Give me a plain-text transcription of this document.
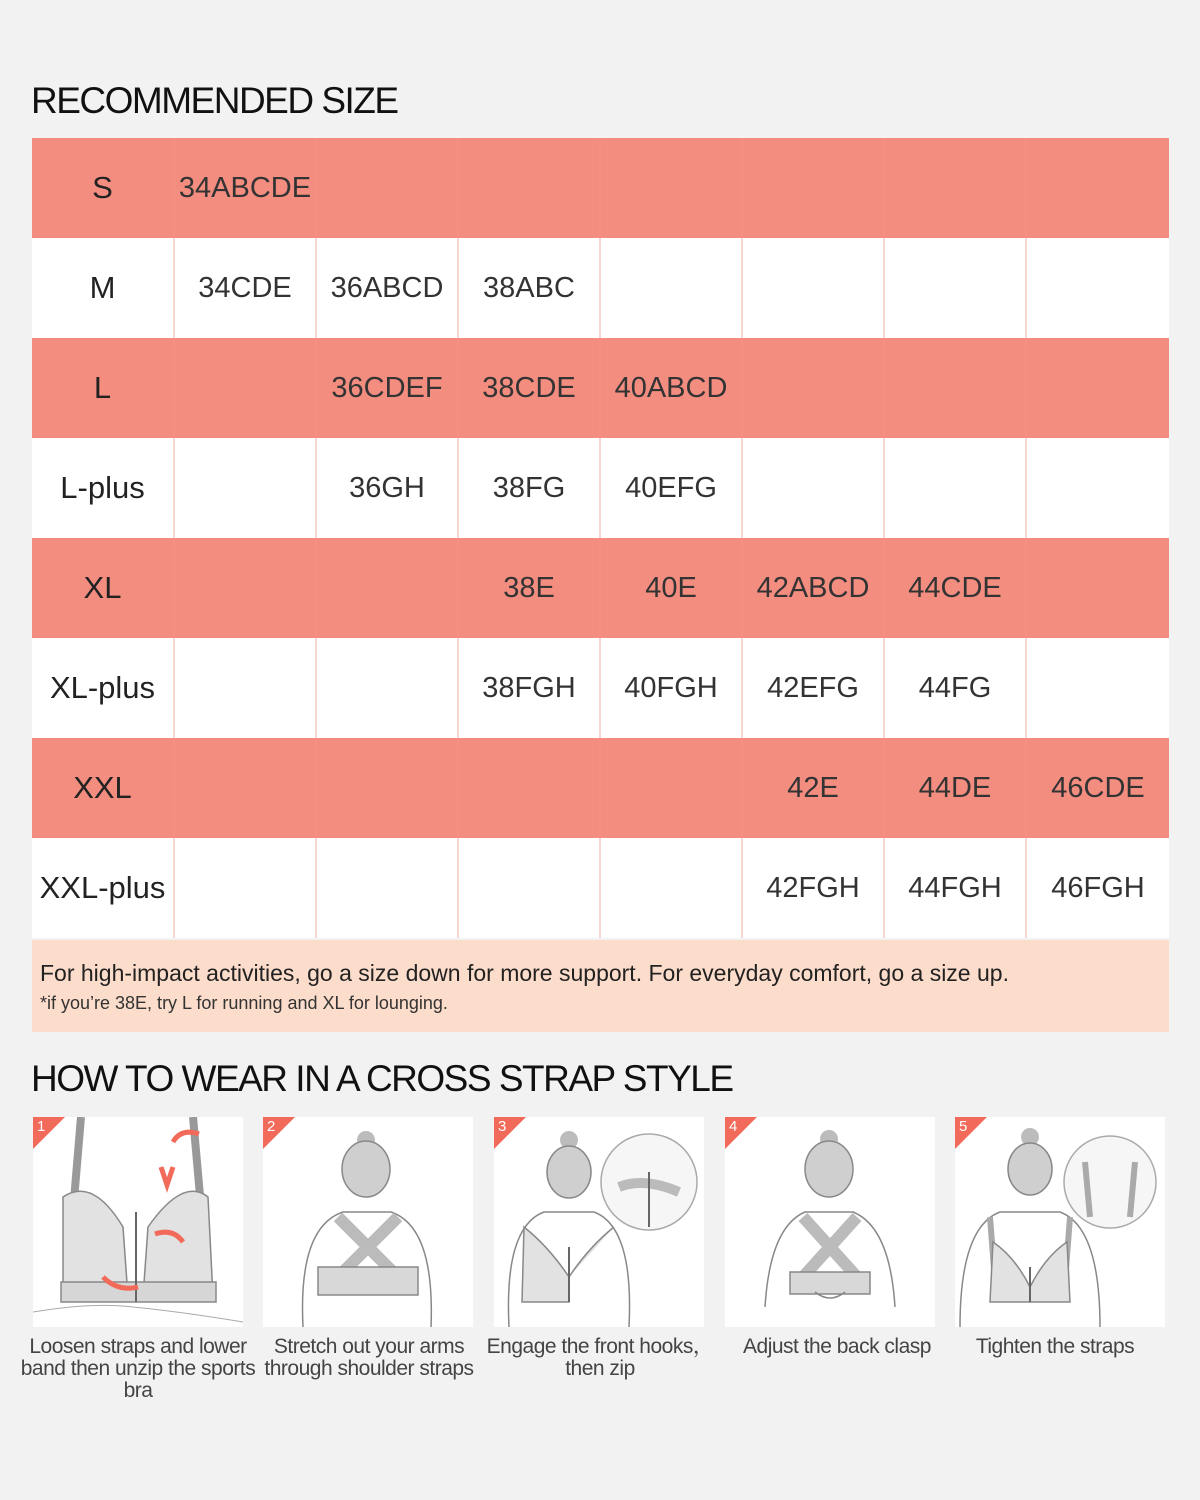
RECOMMENDED SIZE
S	34ABCDE						
M	34CDE	36ABCD	38ABC				
L		36CDEF	38CDE	40ABCD			
L-plus		36GH	38FG	40EFG			
XL			38E	40E	42ABCD	44CDE	
XL-plus			38FGH	40FGH	42EFG	44FG	
XXL					42E	44DE	46CDE
XXL-plus					42FGH	44FGH	46FGH
For high-impact activities, go a size down for more support. For everyday comfort, go a size up.
*if you’re 38E, try L for running and XL for lounging.
HOW TO WEAR IN A CROSS STRAP STYLE
1	2	3	4	5
Loosen straps and lower band then unzip the sports bra
Stretch out your arms through shoulder straps
Engage the front hooks， then zip
Adjust the back clasp	Tighten the straps
